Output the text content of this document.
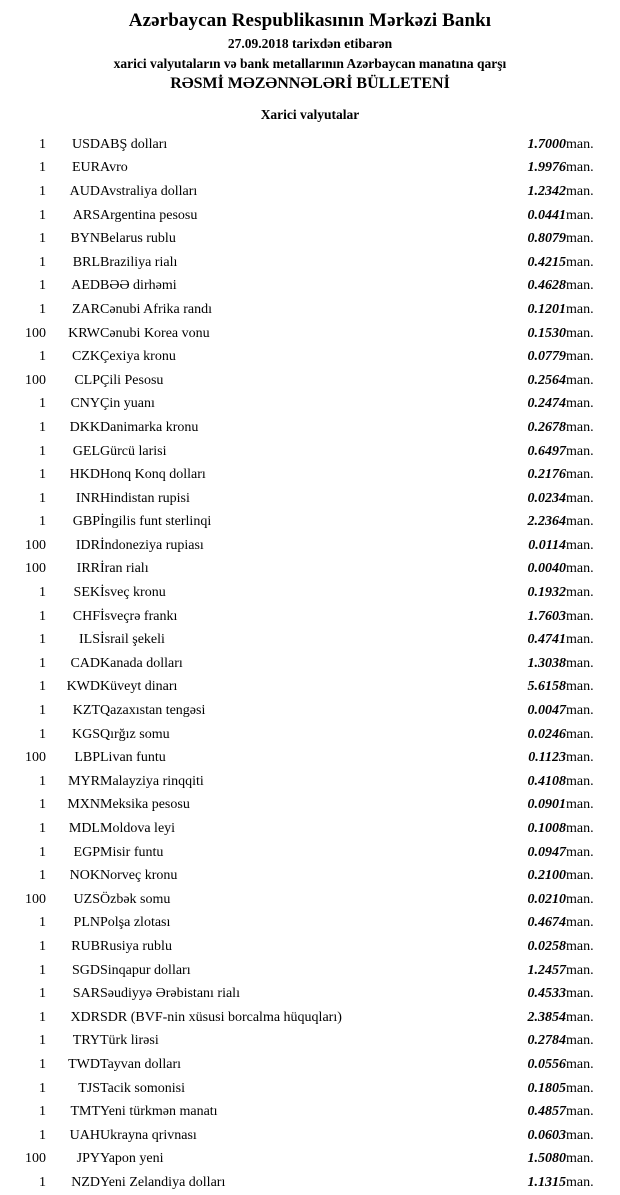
Azərbaycan Respublikasının Mərkəzi Bankı
27.09.2018 tarixdən etibarən
xarici valyutaların və bank metallarının Azərbaycan manatına qarşı
RƏSMİ MƏZƏNNƏLƏRİ BÜLLETENİ
Xarici valyutalar
1	USD	ABŞ dolları	1.7000	man.
1	EUR	Avro	1.9976	man.
1	AUD	Avstraliya dolları	1.2342	man.
1	ARS	Argentina pesosu	0.0441	man.
1	BYN	Belarus rublu	0.8079	man.
1	BRL	Braziliya rialı	0.4215	man.
1	AED	BƏƏ dirhəmi	0.4628	man.
1	ZAR	Cənubi Afrika randı	0.1201	man.
100	KRW	Cənubi Korea vonu	0.1530	man.
1	CZK	Çexiya kronu	0.0779	man.
100	CLP	Çili Pesosu	0.2564	man.
1	CNY	Çin yuanı	0.2474	man.
1	DKK	Danimarka kronu	0.2678	man.
1	GEL	Gürcü larisi	0.6497	man.
1	HKD	Honq Konq dolları	0.2176	man.
1	INR	Hindistan rupisi	0.0234	man.
1	GBP	İngilis funt sterlinqi	2.2364	man.
100	IDR	İndoneziya rupiası	0.0114	man.
100	IRR	İran rialı	0.0040	man.
1	SEK	İsveç kronu	0.1932	man.
1	CHF	İsveçrə frankı	1.7603	man.
1	ILS	İsrail şekeli	0.4741	man.
1	CAD	Kanada dolları	1.3038	man.
1	KWD	Küveyt dinarı	5.6158	man.
1	KZT	Qazaxıstan tengəsi	0.0047	man.
1	KGS	Qırğız somu	0.0246	man.
100	LBP	Livan funtu	0.1123	man.
1	MYR	Malayziya rinqqiti	0.4108	man.
1	MXN	Meksika pesosu	0.0901	man.
1	MDL	Moldova leyi	0.1008	man.
1	EGP	Misir funtu	0.0947	man.
1	NOK	Norveç kronu	0.2100	man.
100	UZS	Özbək somu	0.0210	man.
1	PLN	Polşa zlotası	0.4674	man.
1	RUB	Rusiya rublu	0.0258	man.
1	SGD	Sinqapur dolları	1.2457	man.
1	SAR	Səudiyyə Ərəbistanı rialı	0.4533	man.
1	XDR	SDR (BVF-nin xüsusi borcalma hüquqları)	2.3854	man.
1	TRY	Türk lirəsi	0.2784	man.
1	TWD	Tayvan dolları	0.0556	man.
1	TJS	Tacik somonisi	0.1805	man.
1	TMT	Yeni türkmən manatı	0.4857	man.
1	UAH	Ukrayna qrivnası	0.0603	man.
100	JPY	Yapon yeni	1.5080	man.
1	NZD	Yeni Zelandiya dolları	1.1315	man.
